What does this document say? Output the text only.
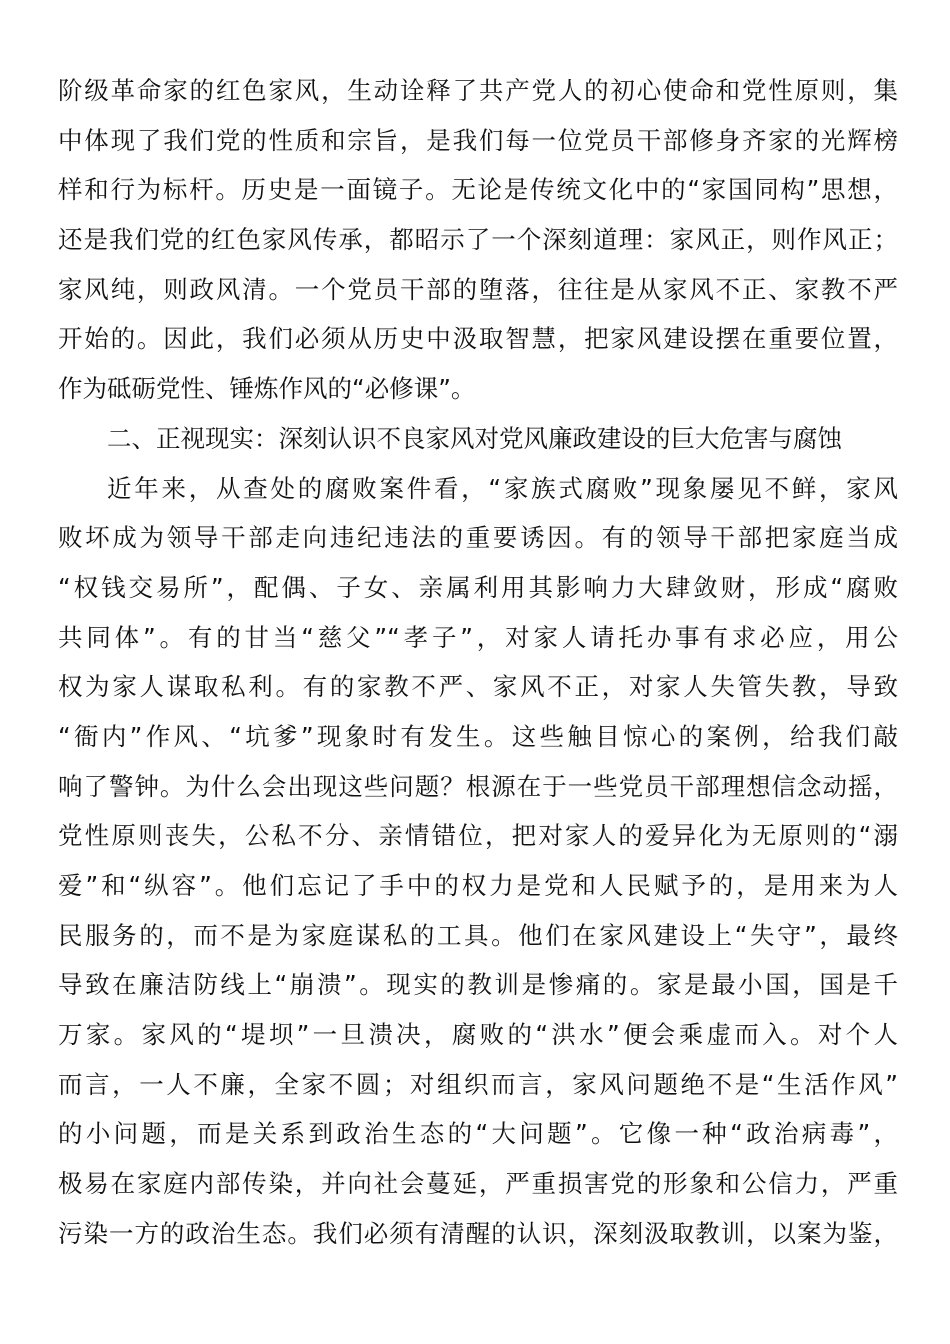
阶级革命家的红色家风，生动诠释了共产党人的初心使命和党性原则，集
中体现了我们党的性质和宗旨，是我们每一位党员干部修身齐家的光辉榜
样和行为标杆。历史是一面镜子。无论是传统文化中的“家国同构”思想，
还是我们党的红色家风传承，都昭示了一个深刻道理：家风正，则作风正；
家风纯，则政风清。一个党员干部的堕落，往往是从家风不正、家教不严
开始的。因此，我们必须从历史中汲取智慧，把家风建设摆在重要位置，
作为砥砺党性、锤炼作风的“必修课”。
二、正视现实：深刻认识不良家风对党风廉政建设的巨大危害与腐蚀
近年来，从查处的腐败案件看，“家族式腐败”现象屡见不鲜，家风
败坏成为领导干部走向违纪违法的重要诱因。有的领导干部把家庭当成
“权钱交易所”，配偶、子女、亲属利用其影响力大肆敛财，形成“腐败
共同体”。有的甘当“慈父”“孝子”，对家人请托办事有求必应，用公
权为家人谋取私利。有的家教不严、家风不正，对家人失管失教，导致
“衙内”作风、“坑爹”现象时有发生。这些触目惊心的案例，给我们敲
响了警钟。为什么会出现这些问题？根源在于一些党员干部理想信念动摇，
党性原则丧失，公私不分、亲情错位，把对家人的爱异化为无原则的“溺
爱”和“纵容”。他们忘记了手中的权力是党和人民赋予的，是用来为人
民服务的，而不是为家庭谋私的工具。他们在家风建设上“失守”，最终
导致在廉洁防线上“崩溃”。现实的教训是惨痛的。家是最小国，国是千
万家。家风的“堤坝”一旦溃决，腐败的“洪水”便会乘虚而入。对个人
而言，一人不廉，全家不圆；对组织而言，家风问题绝不是“生活作风”
的小问题，而是关系到政治生态的“大问题”。它像一种“政治病毒”，
极易在家庭内部传染，并向社会蔓延，严重损害党的形象和公信力，严重
污染一方的政治生态。我们必须有清醒的认识，深刻汲取教训，以案为鉴，
